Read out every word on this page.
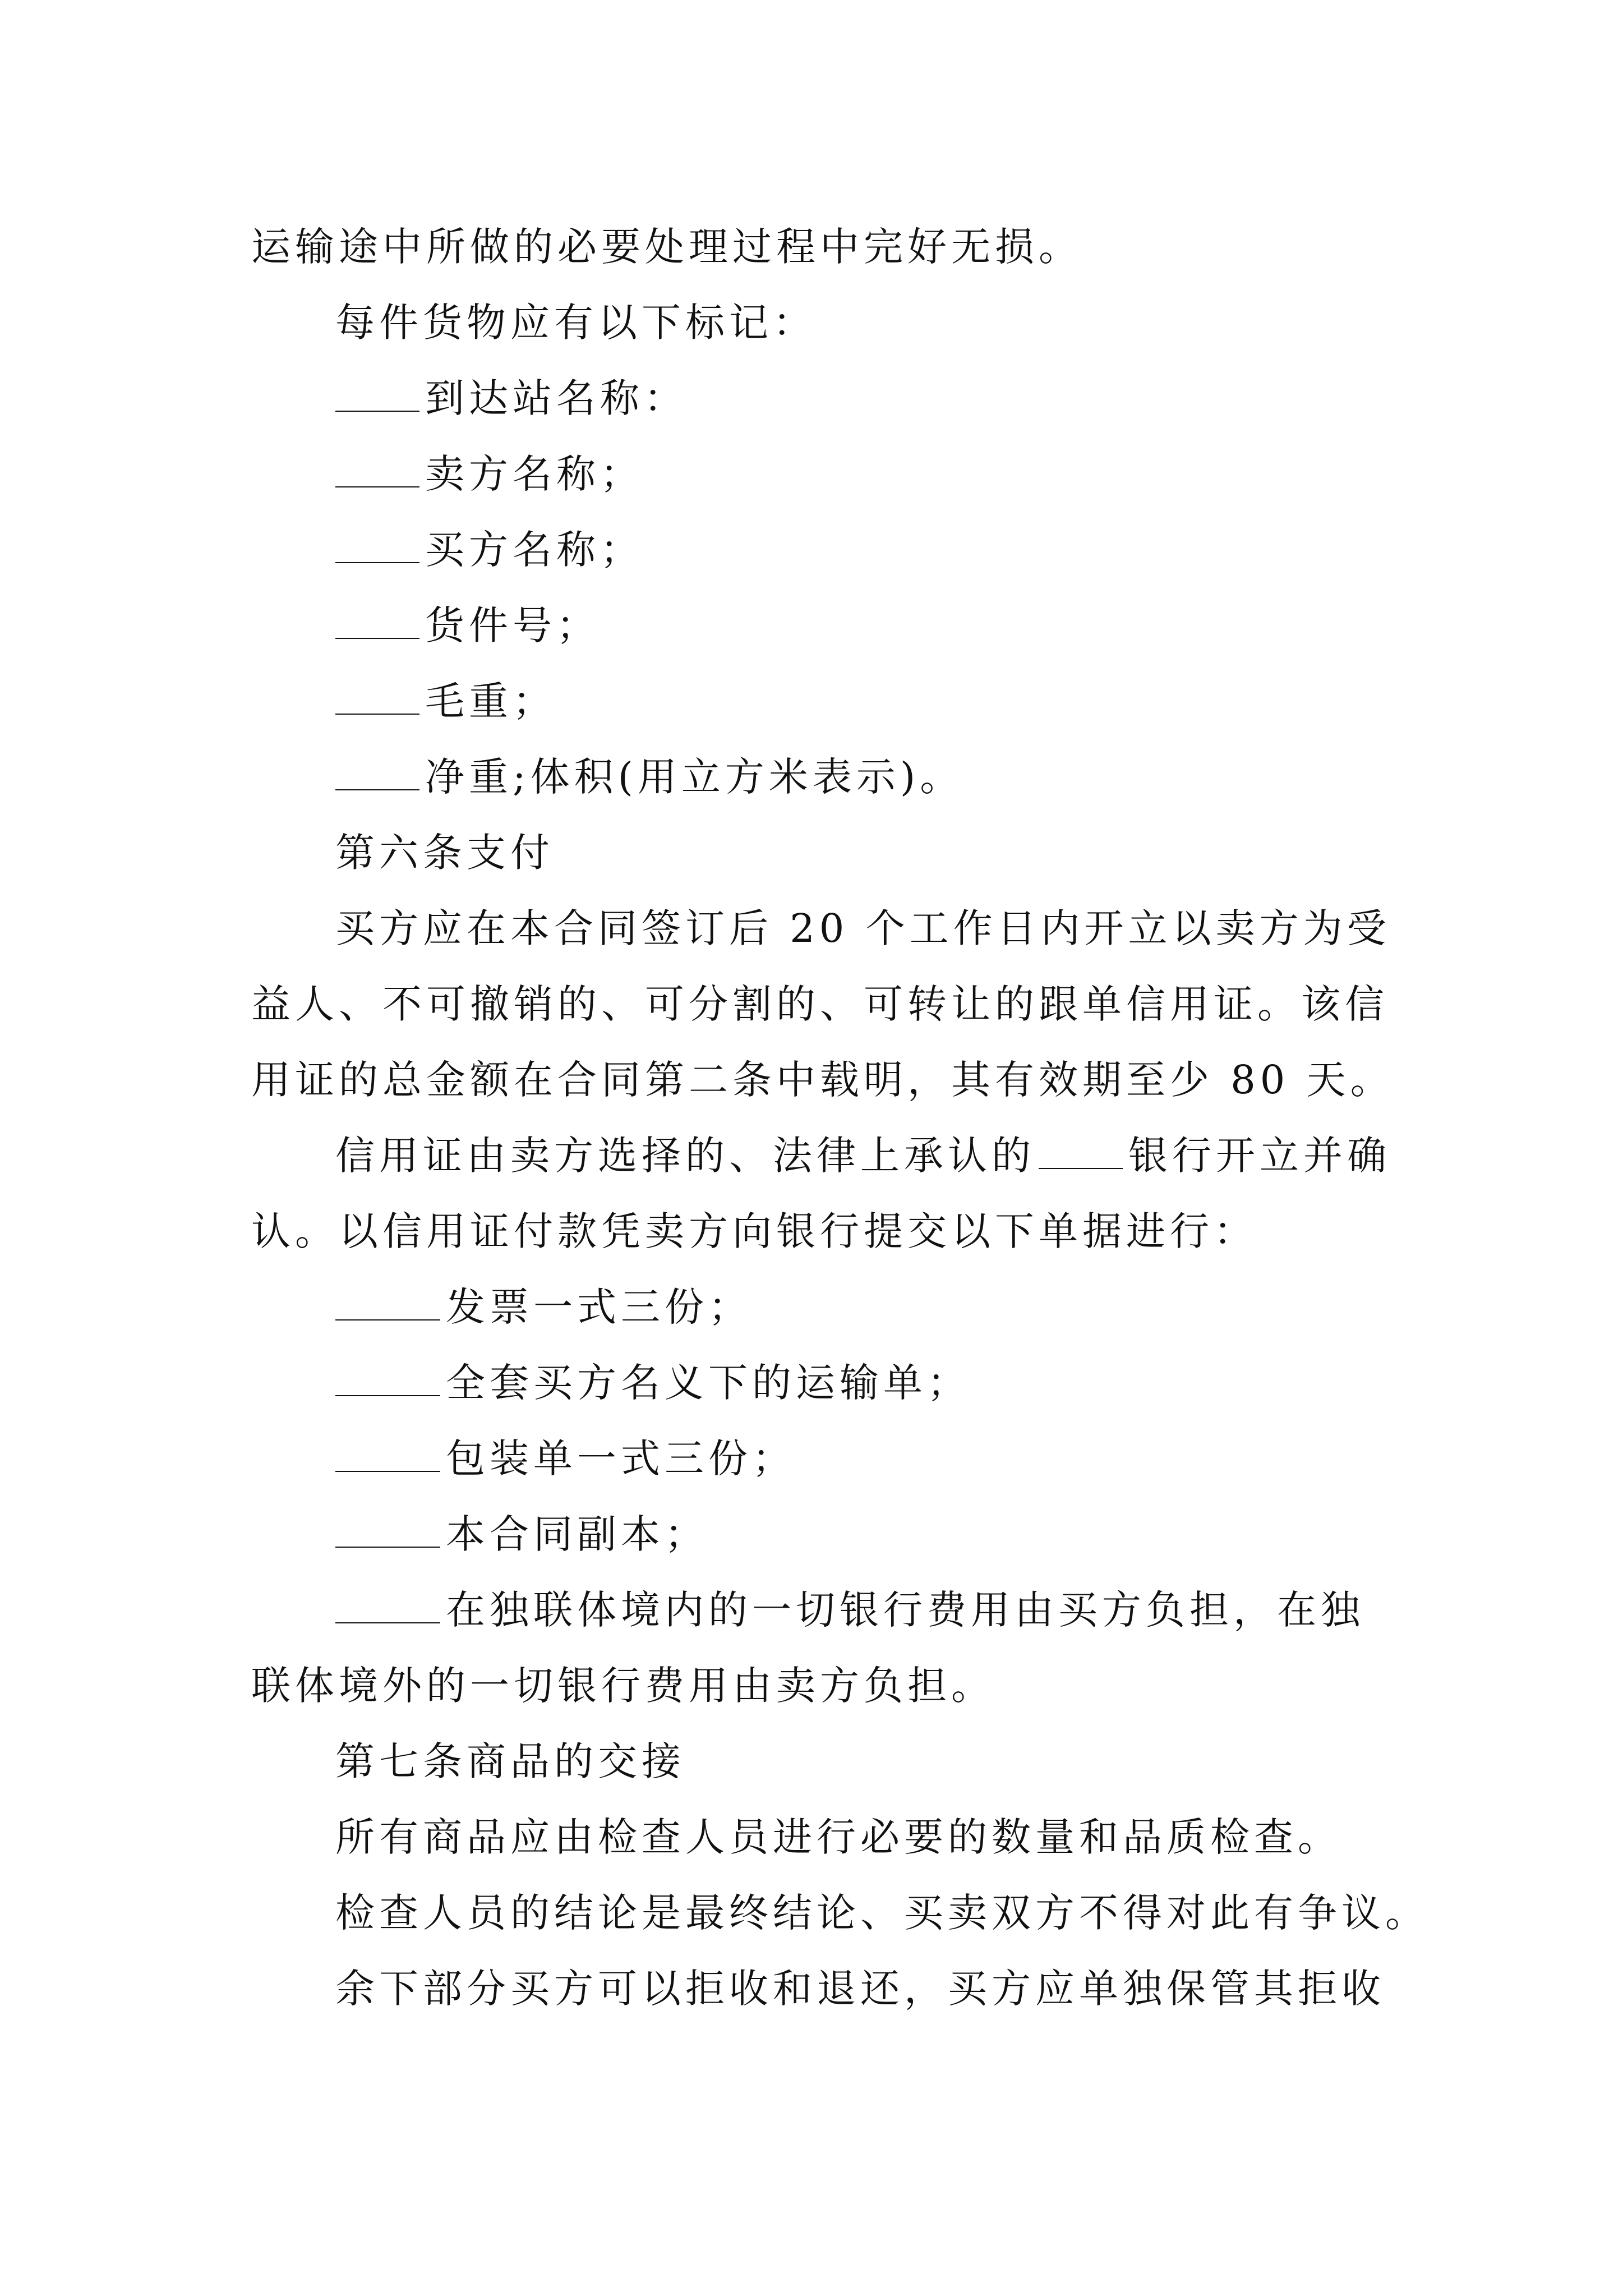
运输途中所做的必要处理过程中完好无损。
每件货物应有以下标记：
到达站名称：
卖方名称；
买方名称；
货件号；
毛重；
净重;体积(用立方米表示)。
第六条支付
买方应在本合同签订后 20 个工作日内开立以卖方为受
益人、不可撤销的、可分割的、可转让的跟单信用证。该信
用证的总金额在合同第二条中载明，其有效期至少 80 天。
信用证由卖方选择的、法律上承认的 银行开立并确
认。以信用证付款凭卖方向银行提交以下单据进行：
发票一式三份；
全套买方名义下的运输单；
包装单一式三份；
本合同副本；
在独联体境内的一切银行费用由买方负担，在独
联体境外的一切银行费用由卖方负担。
第七条商品的交接
所有商品应由检查人员进行必要的数量和品质检查。
检查人员的结论是最终结论、买卖双方不得对此有争议。
余下部分买方可以拒收和退还，买方应单独保管其拒收
